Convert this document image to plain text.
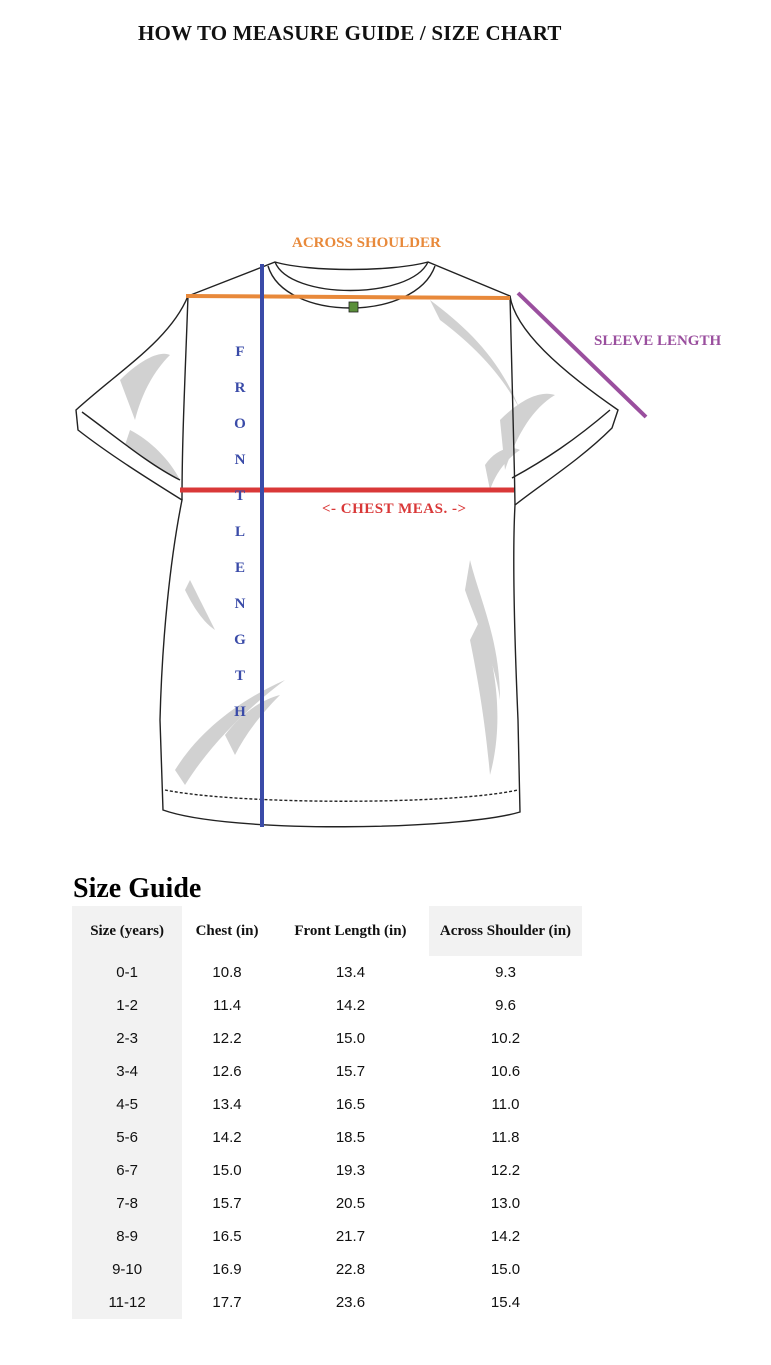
HOW TO MEASURE GUIDE / SIZE CHART
ACROSS SHOULDER
SLEEVE LENGTH
<- CHEST MEAS. ->
F
R
O
N
T
L
E
N
G
T
H
Size Guide
Size (years)	Chest (in)	Front Length (in)	Across Shoulder (in)
0-1	10.8	13.4	9.3
1-2	11.4	14.2	9.6
2-3	12.2	15.0	10.2
3-4	12.6	15.7	10.6
4-5	13.4	16.5	11.0
5-6	14.2	18.5	11.8
6-7	15.0	19.3	12.2
7-8	15.7	20.5	13.0
8-9	16.5	21.7	14.2
9-10	16.9	22.8	15.0
11-12	17.7	23.6	15.4
